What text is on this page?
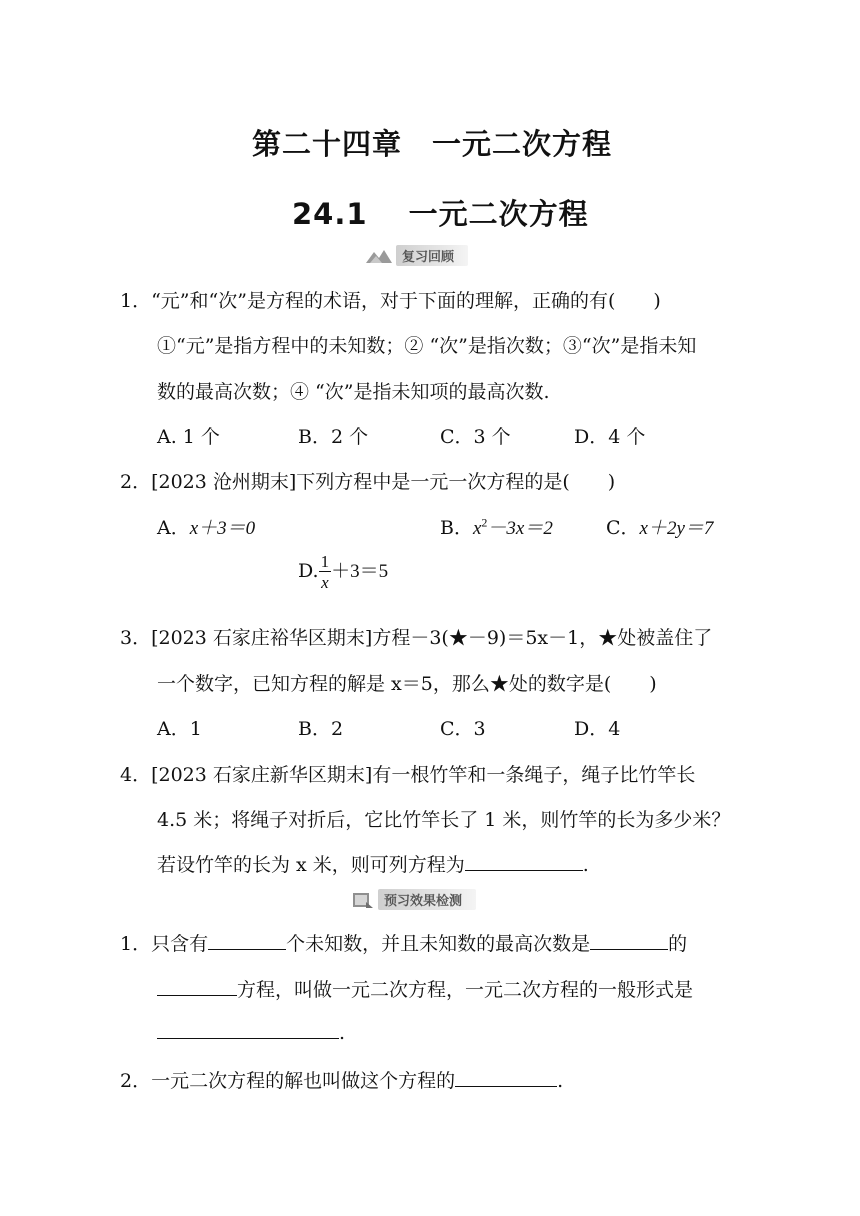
第二十四章　一元二次方程
24.1　 一元二次方程
复习回顾
1．“元”和“次”是方程的术语，对于下面的理解，正确的有(　　)
①“元”是指方程中的未知数；② “次”是指次数；③“次”是指未知
数的最高次数；④ “次”是指未知项的最高次数.
A. 1 个	B．2 个	C．3 个	D．4 个
2．[2023 沧州期末]下列方程中是一元一次方程的是(　　)
A．x＋3＝0	B．$x^2-3x=2$	C．x＋2y＝7
D. $\frac{1}{x} +3=5$
3．[2023 石家庄裕华区期末]方程－3(★－9)＝5x－1，★处被盖住了
一个数字，已知方程的解是 x＝5，那么★处的数字是(　　)
A．1	B．2	C．3	D．4
4．[2023 石家庄新华区期末]有一根竹竿和一条绳子，绳子比竹竿长
4.5 米；将绳子对折后，它比竹竿长了 1 米，则竹竿的长为多少米？
若设竹竿的长为 x 米，则可列方程为	.
预习效果检测
1．只含有	个未知数，并且未知数的最高次数是	的
方程，叫做一元二次方程，一元二次方程的一般形式是
.
2．一元二次方程的解也叫做这个方程的	.
